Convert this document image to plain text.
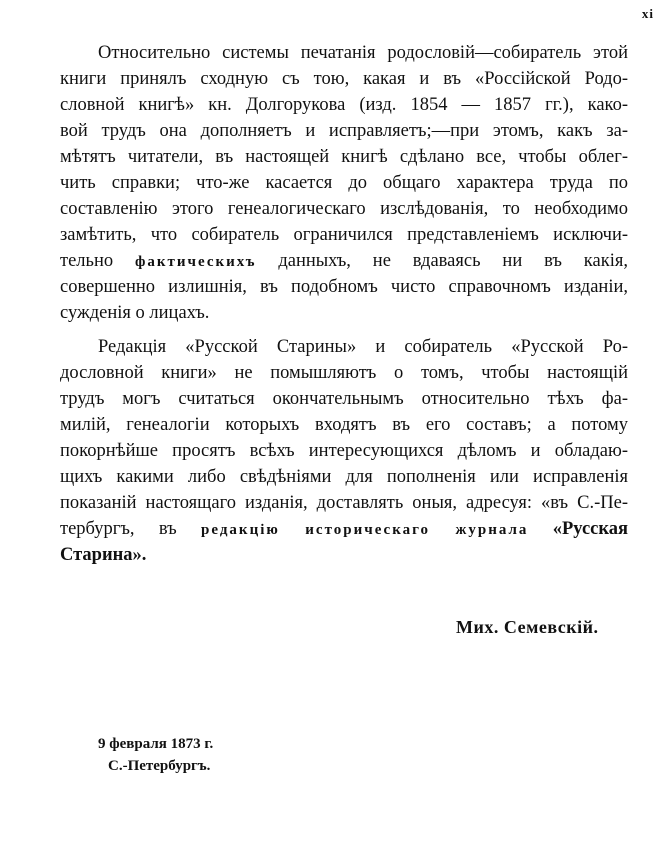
xi
Относительно системы печатанія родословій—собиратель этой
книги принялъ сходную съ тою, какая и въ «Россійской Родо-
словной книгѣ» кн. Долгорукова (изд. 1854 — 1857 гг.), како-
вой трудъ она дополняетъ и исправляетъ;—при этомъ, какъ за-
мѣтятъ читатели, въ настоящей книгѣ сдѣлано все, чтобы облег-
чить справки; что-же касается до общаго характера труда по
составленію этого генеалогическаго изслѣдованія, то необходимо
замѣтить, что собиратель ограничился представленіемъ исключи-
тельно фактическихъ данныхъ, не вдаваясь ни въ какія,
совершенно излишнія, въ подобномъ чисто справочномъ изданіи,
сужденія о лицахъ.
Редакція «Русской Старины» и собиратель «Русской Ро-
дословной книги» не помышляютъ о томъ, чтобы настоящій
трудъ могъ считаться окончательнымъ относительно тѣхъ фа-
милій, генеалогіи которыхъ входятъ въ его составъ; а потому
покорнѣйше просятъ всѣхъ интересующихся дѣломъ и обладаю-
щихъ какими либо свѣдѣніями для пополненія или исправленія
показаній настоящаго изданія, доставлять оныя, адресуя: «въ С.-Пе-
тербургъ, въ редакцію историческаго журнала «Русская
Старина».
Мих. Семевскій.
9 февраля 1873 г.
С.-Петербургъ.
